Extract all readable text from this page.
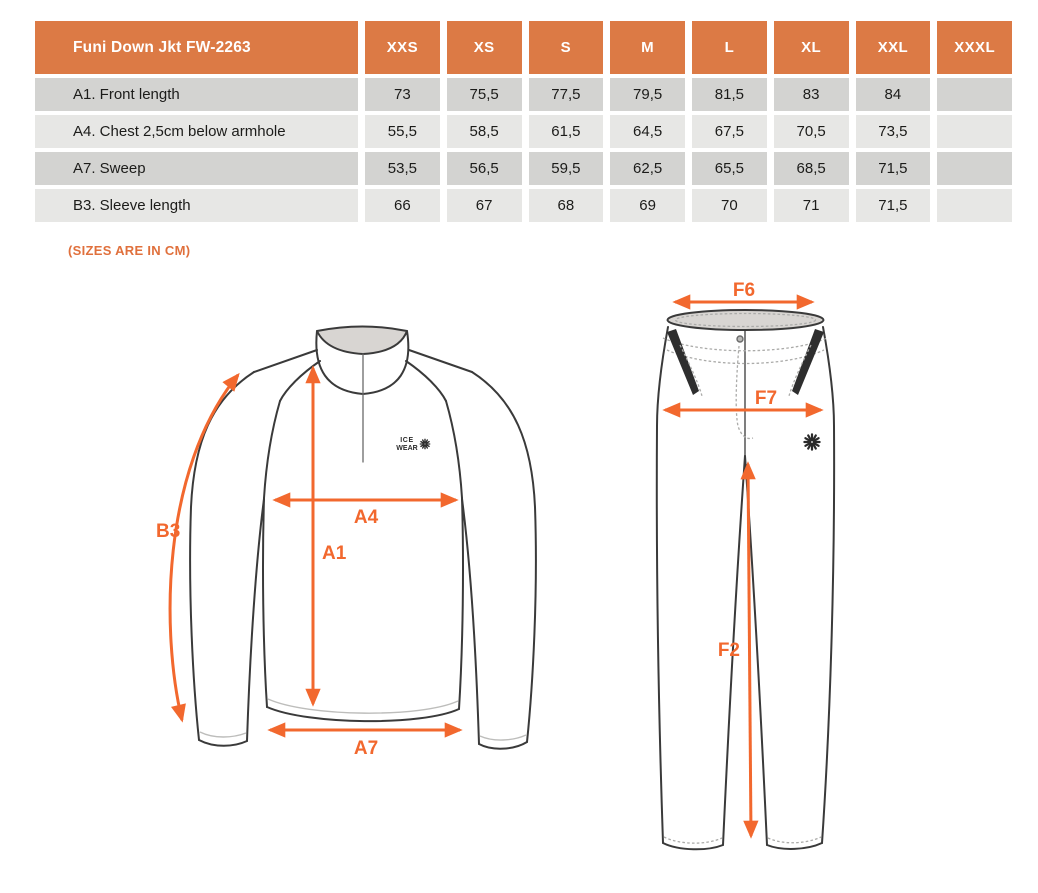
Funi Down Jkt FW-2263	XXS	XS	S	M	L	XL	XXL	XXXL
A1. Front length	73	75,5	77,5	79,5	81,5	83	84
A4. Chest 2,5cm below armhole	55,5	58,5	61,5	64,5	67,5	70,5	73,5
A7. Sweep	53,5	56,5	59,5	62,5	65,5	68,5	71,5
B3. Sleeve length	66	67	68	69	70	71	71,5
(SIZES ARE IN CM)
ICE
WEAR
B3
A1
A4
A7
F6
F7
F2
